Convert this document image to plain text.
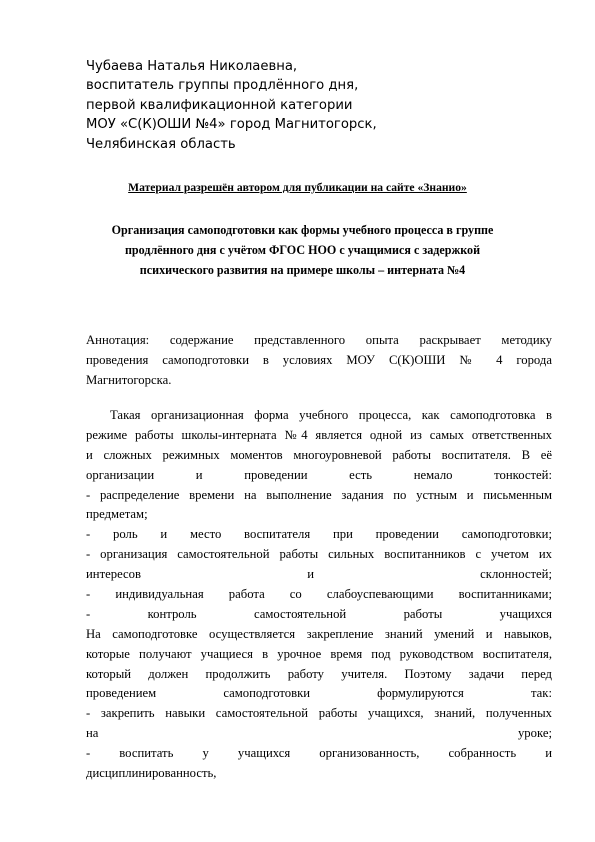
Чубаева Наталья Николаевна,
воспитатель группы продлённого дня,
первой квалификационной категории
МОУ «С(К)ОШИ №4» город Магнитогорск,
Челябинская область
Материал разрешён автором для публикации на сайте «Знанио»
Организация самоподготовки как формы учебного процесса в группе
продлённого дня с учётом ФГОС НОО с учащимися с задержкой
психического развития на примере школы – интерната №4
Аннотация: содержание представленного опыта раскрывает методику
проведения самоподготовки в условиях МОУ С(К)ОШИ № 4 города
Магнитогорска.
Такая организационная форма учебного процесса, как самоподготовка в
режиме работы школы-интерната №4 является одной из самых ответственных
и сложных режимных моментов многоуровневой работы воспитателя. В её
организации и проведении есть немало тонкостей:
- распределение времени на выполнение задания по устным и письменным
предметам;
- роль и место воспитателя при проведении самоподготовки;
- организация самостоятельной работы сильных воспитанников с учетом их
интересов и склонностей;
- индивидуальная работа со слабоуспевающими воспитанниками;
- контроль самостоятельной работы учащихся
На самоподготовке осуществляется закрепление знаний умений и навыков,
которые получают учащиеся в урочное время под руководством воспитателя,
который должен продолжить работу учителя. Поэтому задачи перед
проведением самоподготовки формулируются так:
- закрепить навыки самостоятельной работы учащихся, знаний, полученных
на уроке;
- воспитать у учащихся организованность, собранность и
дисциплинированность,
